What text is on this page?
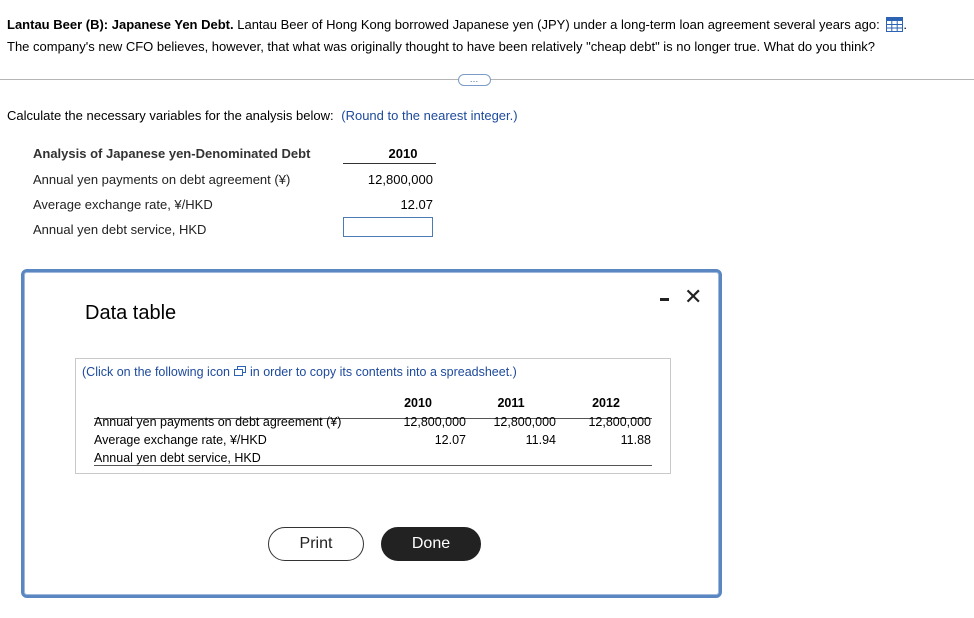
Lantau Beer (B): Japanese Yen Debt. Lantau Beer of Hong Kong borrowed Japanese yen (JPY) under a long-term loan agreement several years ago: .
The company's new CFO believes, however, that what was originally thought to have been relatively "cheap debt" is no longer true. What do you think?
…
Calculate the necessary variables for the analysis below: (Round to the nearest integer.)
Analysis of Japanese yen-Denominated Debt	2010
Annual yen payments on debt agreement (¥)	12,800,000
Average exchange rate, ¥/HKD	12.07
Annual yen debt service, HKD
Data table
✕
(Click on the following icon in order to copy its contents into a spreadsheet.)
2010	2011	2012
Annual yen payments on debt agreement (¥)	12,800,000	12,800,000	12,800,000
Average exchange rate, ¥/HKD	12.07	11.94	11.88
Annual yen debt service, HKD
Print	Done
